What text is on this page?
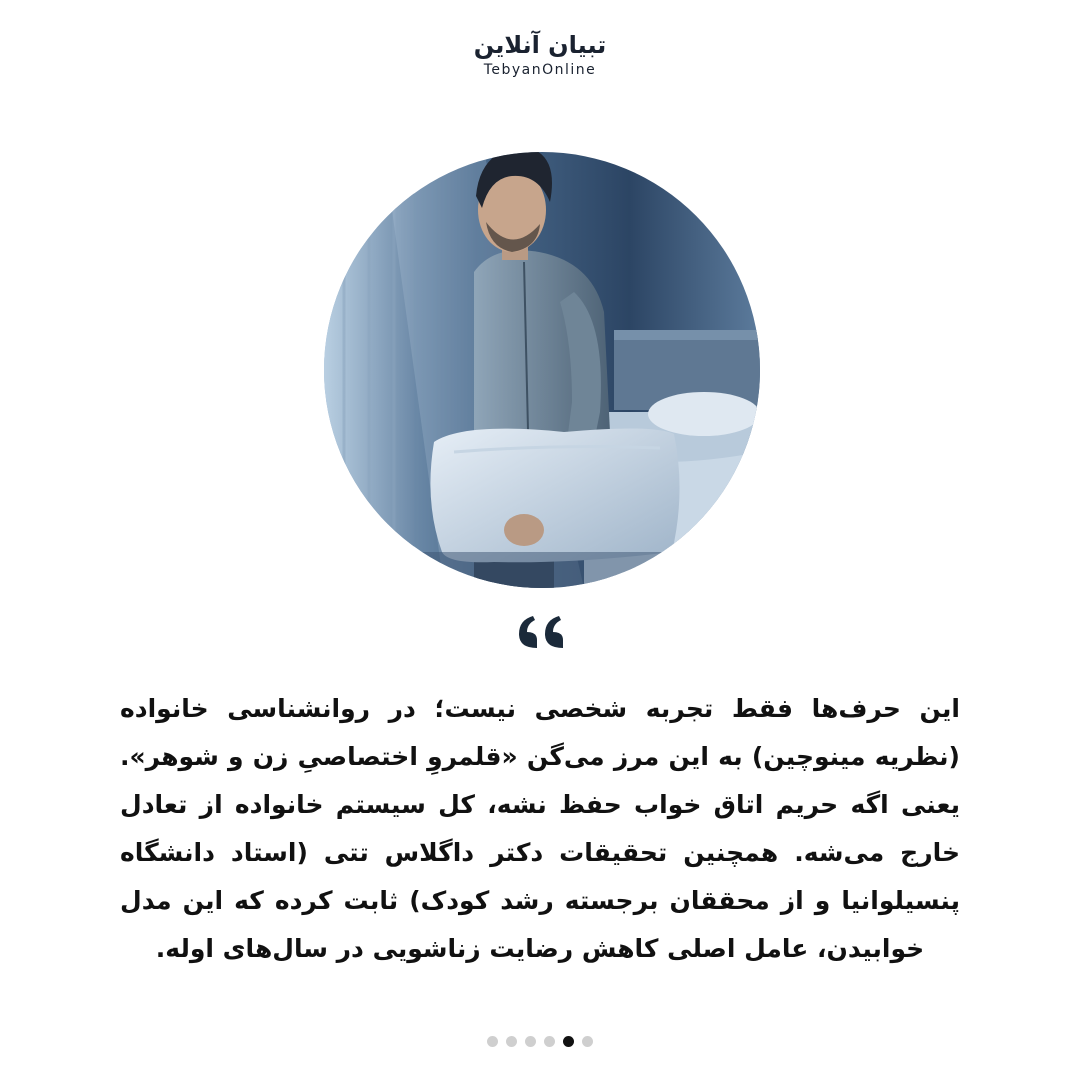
تبیان آنلاین
TebyanOnline

این حرف‌ها فقط تجربه شخصی نیست؛ در روانشناسی خانواده (نظریه مینوچین) به این مرز می‌گن «قلمروِ اختصاصیِ زن و شوهر». یعنی اگه حریم اتاق خواب حفظ نشه، کل سیستم خانواده از تعادل خارج می‌شه. همچنین تحقیقات دکتر داگلاس تتی (استاد دانشگاه پنسیلوانیا و از محققان برجسته رشد کودک) ثابت کرده که این مدل خوابیدن، عامل اصلی کاهش رضایت زناشویی در سال‌های اوله.
